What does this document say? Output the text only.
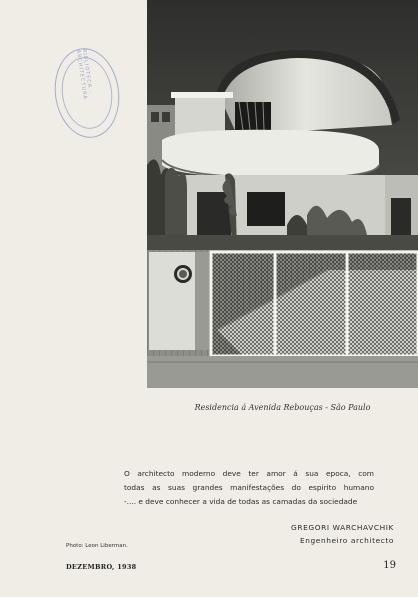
BIBLIOTECA · ARCHITECTURA
Residencia á Avenida Rebouças - São Paulo
O architecto moderno deve ter amor á sua epoca, com
todas as suas grandes manifestações do espirito humano
-.... e deve conhecer a vida de todas as camadas da sociedade
GREGORI WARCHAVCHIK
Engenheiro architecto
Photo: Leon Liberman.
DEZEMBRO, 1938	19
